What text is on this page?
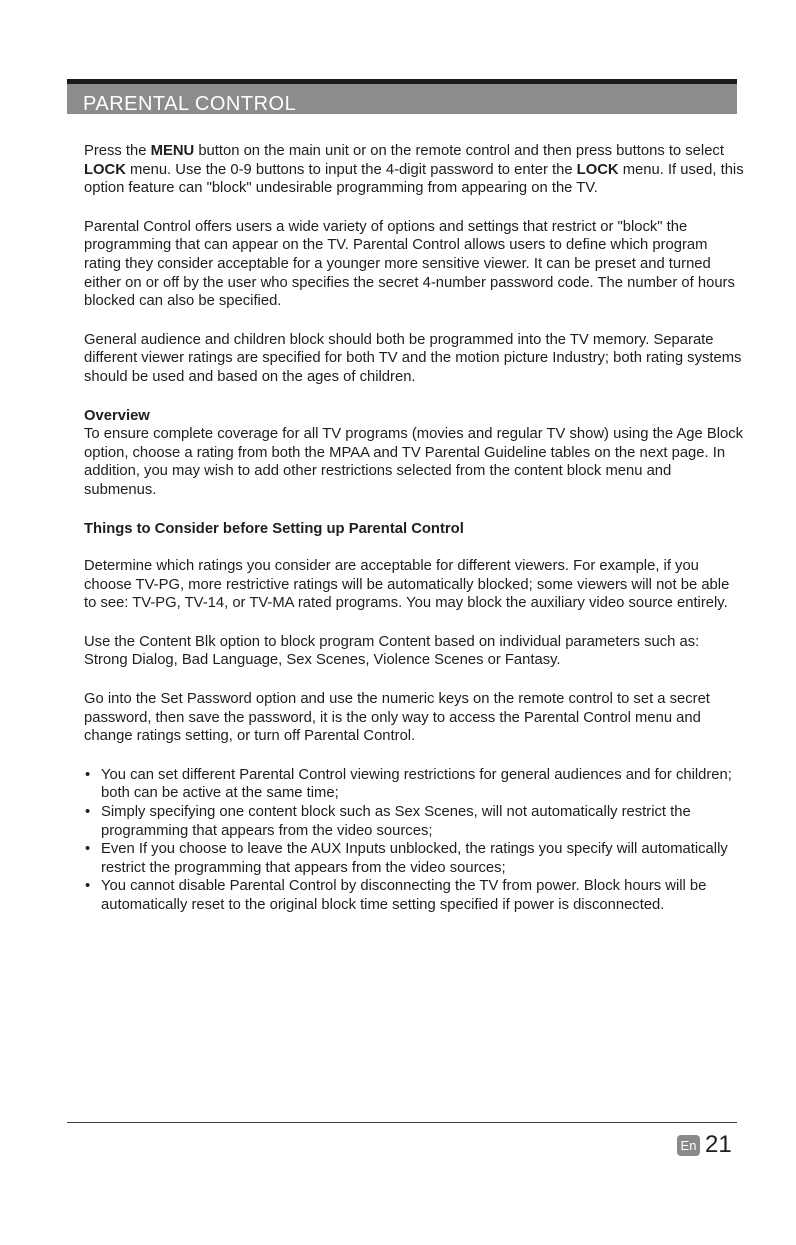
PARENTAL CONTROL

Press the MENU button on the main unit or on the remote control and then press buttons to select LOCK menu. Use the 0-9 buttons to input the 4-digit password to enter the LOCK menu. If used, this option feature can "block" undesirable programming from appearing on the TV.

Parental Control offers users a wide variety of options and settings that restrict or "block" the programming that can appear on the TV. Parental Control allows users to define which program rating they consider acceptable for a younger more sensitive viewer. It can be preset and turned either on or off by the user who specifies the secret 4-number password code. The number of hours blocked can also be specified.

General audience and children block should both be programmed into the TV memory. Separate different viewer ratings are specified for both TV and the motion picture Industry; both rating systems should be used and based on the ages of children.

Overview

To ensure complete coverage for all TV programs (movies and regular TV show) using the Age Block option, choose a rating from both the MPAA and TV Parental Guideline tables on the next page. In addition, you may wish to add other restrictions selected from the content block menu and submenus.

Things to Consider before Setting up Parental Control

Determine which ratings you consider are acceptable for different viewers. For example, if you choose TV-PG, more restrictive ratings will be automatically blocked; some viewers will not be able to see: TV-PG, TV-14, or TV-MA rated programs. You may block the auxiliary video source entirely.

Use the Content Blk option to block program Content based on individual parameters such as: Strong Dialog, Bad Language, Sex Scenes, Violence Scenes or Fantasy.

Go into the Set Password option and use the numeric keys on the remote control to set a secret password, then save the password, it is the only way to access the Parental Control menu and change ratings setting, or turn off Parental Control.

• You can set different Parental Control viewing restrictions for general audiences and for children; both can be active at the same time;
• Simply specifying one content block such as Sex Scenes, will not automatically restrict the programming that appears from the video sources;
• Even If you choose to leave the AUX Inputs unblocked, the ratings you specify will automatically restrict the programming that appears from the video sources;
• You cannot disable Parental Control by disconnecting the TV from power. Block hours will be automatically reset to the original block time setting specified if power is disconnected.
En 21
